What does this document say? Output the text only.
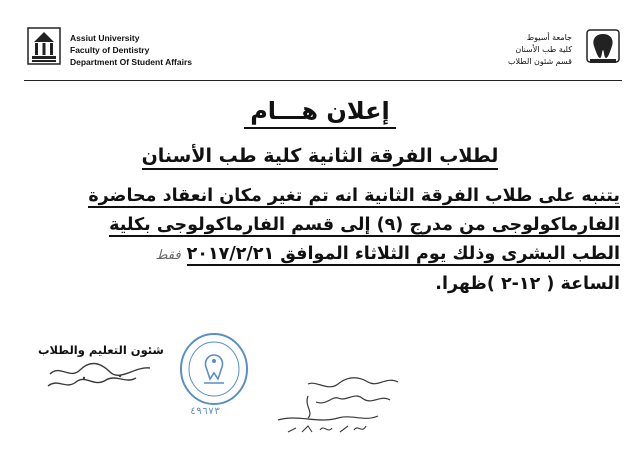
Assiut University
Faculty of Dentistry
Department Of Student Affairs
جامعة أسيوط
كلية طب الأسنان
قسم شئون الطلاب
إعلان هـــام
لطلاب الفرقة الثانية كلية طب الأسنان
يتنبه على طلاب الفرقة الثانية انه تم تغير مكان انعقاد محاضرة
الفارماكولوجى من مدرج (٩) إلى قسم الفارماكولوجى بكلية
الطب البشرى وذلك يوم الثلاثاء الموافق ٢٠١٧/٢/٢١فقط
الساعة ( ١٢-٢ )ظهرا.
شئون التعليم والطلاب
٤٩٦٧٣
